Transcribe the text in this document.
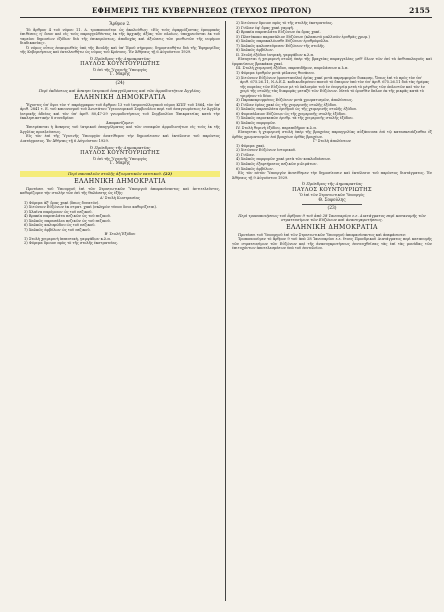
ΕΦΗΜΕΡΙΣ ΤΗΣ ΚΥΒΕΡΝΗΣΕΩΣ (ΤΕΥΧΟΣ ΠΡΩΤΟΝ)	2155
Ἄρθρον 2.
Τὸ ἄρθρον 4 τοῦ νόμου 11. Δ. τροποποιεῖται ὡς ἀκολούθως: «Εἰς τοὺς ἐφαρμόζοντας ἐμπορικὰς ἐπιθέσεις η' ὅσον καὶ εἰς τοὺς παραγγελθέντας ἐκ τῆς ἀρχικῆς ἀξίας τῶν πλοίων, ὑποχρεοῦνται ἐκ τοῦ ταμείου δημοσίων ἐξόδων διὰ τῆς ἐπικυρώσεως, ἀποδοχὰς καὶ ἀξιώσεις τῶν μισθωτῶν τῆς νομίμου διαδικασίας».
Ὁ νόμος οὗτος ἐπικυρωθεὶς ὑπὸ τῆς Βουλῆς καὶ ὑπ' Ἐμοῦ σήμερον, δημοσιευθήτω διὰ τῆς Ἐφημερίδος τῆς Κυβερνήσεως καὶ ἐκτελεσθήτω ὡς νόμος τοῦ Κράτους. Ἐν Ἀθήναις τῇ 6 Αὐγούστου 1929.
Ὁ Πρόεδρος τῆς Δημοκρατίας
ΠΑΥΛΟΣ ΚΟΥΝΤΟΥΡΙΩΤΗΣ
Ὁ ἐπὶ τῆς Ὑγιεινῆς Ὑπουργὸς
Γ. Μαρῆς
(24)
Περὶ ἐκδόσεως καὶ ἄσκησι ἰατρικοῦ ἐπαγγέλματος καὶ τῶν ἀρμοδιοτήτων Ἀγγλίας.
ΕΛΛΗΝΙΚΗ ΔΗΜΟΚΡΑΤΙΑ
Ἔχοντες ὑπ' ὄψει τὸν τ' παράγραφον τοῦ ἄρθρου 13 τοῦ ἰατροσυλλογικοῦ νόμου ΚΠΠ' τοῦ 1864, τὸν ὑπ' ἀριθ. 2841 τ. Ε. τοῦ κανονισμοῦ τοῦ Ἀνωτάτου Ὑγειονομικοῦ Συμβουλίου περὶ τοῦ ἀναγνωρίσεως ἐν Ἀγγλίᾳ ἰατρικῆς ἀδείας καὶ τὸν ὑπ' ἀριθ. 80,47-29 γνωμοδοτήσεως τοῦ Συμβουλίου Ἐπικρατείας κατὰ τὴν ἐκκλησιαστικὴν 8 συνεδρίαν:
Ἀποφασίζομεν:
Ἐπιτρέπεται ἡ ἄσκησις τοῦ ἰατρικοῦ ἐπαγγέλματος καὶ τῶν συναφῶν ἀρμοδιοτήτων εἰς τοὺς ἐκ τῆς Ἀγγλίας προελεύσεως.
Εἰς τὸν ἐπὶ τῆς Ὑγιεινῆς Ὑπουργὸν ἀνατίθεμεν τὴν δημοσίευσιν καὶ ἐκτέλεσιν τοῦ παρόντος Διατάγματος. Ἐν Ἀθήναις τῇ 6 Αὐγούστου 1929.
Ὁ Πρόεδρος τῆς Δημοκρατίας
ΠΑΥΛΟΣ ΚΟΥΝΤΟΥΡΙΩΤΗΣ
Ὁ ἐπὶ τῆς Ὑγιεινῆς Ὑπουργὸς
Γ. Μαρῆς
Περὶ πανοπλιῶν στολῆς ἀξιωματικῶν ναυτικοῦ. (22)
ΕΛΛΗΝΙΚΗ ΔΗΜΟΚΡΑΤΙΑ
Προτάσει τοῦ Ὑπουργοῦ ἐπὶ τῶν Στρατιωτικῶν Ὑπουργοῦ ἀποφασίσαντος καὶ ἀντιτελεῦντες, καθορίζομεν τὴν στολὴν τῶν ἐπὶ τῆς θαλάσσης ὡς ἑξῆς:
Α' Στολὴ Κωστρασίας
1) Φόρεμα ἀξ' ὅρας χακὶ (ὅπως δυνατόν).
2) Χιτώνιον Εὐζώνων ἐκ στρατ. χακὶ (σκληρὸν τύπου ὅσοι καθορίζεται).
3) Χλαῖνα παρόμοιον ὡς τοῦ πεζικοῦ.
4) Βρακία παρεπιλάτα πεζικῶν ὡς τοῦ πεζικοῦ.
5) Χαλκῶς παρασάλια πεζικῶν ὡς τοῦ πεζικοῦ.
6) Χαλκῶς καλυφώδου ὡς τοῦ πεζικοῦ.
7) Χαλκῶς ἀρβύλων ὡς τοῦ πεζικοῦ.
Β' Στολὴ Ἐξόδου
1) Στολὴ χειμερινὴ ἱππευτικὴ, γαμψάδων κ.λ.π.
2) Φόρεμα ὅμοιον πρὸς τὸ τῆς στολῆς ἐκστρατείας.
2) Χιτώνιον ὅμοιον πρὸς τὸ τῆς στολῆς ἐκστρατείας.
3) Γυῖλαν ἐφ' ὅρας χακὶ γαμψῆ.
4) Βρακία παρεπιλάτα Εὐζώνων ἐκ ὅρας χακί.
5) Πλατύκοκο παρασάλιον Εὐζώνων (κλαπωτὸ μαλλινὸν ἐρυθρὰς χρωμ.)
6) Χαλκῶς παρακαλόωσθε Εὐζώνων ἐρυθρόφυλλα.
7) Χαλκῶς καλοπτεῦρεσεν Εὐζώνων τῆς στολῆς.
8) Χαλκῶς ἀρβύλων.
ΙΙ. Στολὴ ἐξόδου ἱατρικὴ, γαμψάδων κ.λ.π.
Εἰσαγεται ἡ χειμερινὴ στολὴ ὑπὲρ τῆς βραχείας παραγγελίας μεθ' ὅλων τῶν ἐπί τὰ ἀνθυπολαγοὺς καὶ ἐμφανίσεως βρακάκια χακί.
ΙΙΙ. Στολὴ χειμερινὴ ἐξόδου, παρεπιδῆμον, παρελάσεων κ.λ.π.
1) Φόρεμα ἐρυθρὸν μετὰ μέλανος θυσάνου.
2) Χιτώνιον Εὐζώνων (φουστανέλα) ἐρίας χακί μετὰ παρεμφερῶν διακοσμ. Ὅπως ἐπὶ τὸ πρὸς τὸν ὑπ' ἀριθ. 675.26.11, Ν.Δ.Ε.Σ. κοδικωδεμένου ποσοῦ τὸ ὅπειρον ὑπὸ τὸν ὑπ' ἀριθ. 675.26.11 διὰ τὰς ἡμέρας τῆς πορείας τῶν Εὐζώνων μὲ τὸ ὁπλισμὸν τοῦ ἐν ἐνεργείᾳ μετὰ τὸ μέγεθος τῶν ὀπλιστῶν καὶ τὸν ἐν χειρὶ τῆς στολῆς τὰς διαφορὰς μεταξὺ τῶν Εὐζώνων. Μετὰ τὸ ὁρισθὲν ὅπλον ἐκ τῆς μικρᾶς κατὰ τὸ τριμήνον τὸ δέον.
3) Παρακεκρυμμένος Εὐζώνων μετὰ χρωματισμῶν, ἀπολύσεως.
4) Γυῖλαν ἐρίας χακὶ ὡς τῆς χειμερινῆς στολῆς ἐξόδου.
5) Χαλκῶς παρεπιλάτα ἐρυθροῦ ὡς τῆς χειμερινῆς στολῆς ἐξόδου.
6) Φορεσάλαιον Εὐζώνων ὡς τῆς χειμερινῆς στολῆς ἐξόδου.
7) Χαλκῶς περισκεπών ἐρυθρ. τὰ τῆς χειμερινῆς στολῆς ἐξόδου.
8) Χαλκῶς πορφυρῶν.
IV. Στολὴ θερινὴ ἐξόδου, παρεπιδῆμον κ.λ.π.
Εἰσαγεται ἡ χειμερινὴ στολὴ ὑπὲρ τῆς βραχείας παραγγελίας αὐξάνουσα ἐπὶ τῷ κατασκευάζεσθαι ἐξ ὀρθάς χρωματισμῶν ἐπὶ βραχέων ὀρθάς βραχέων.
Γ' Στολὴ ἀπολύσεων
1) Φόρεμα χακὶ.
2) Χιτώνιον Εὐζώνων ἱστορικοῦ.
3) Γυῖλαν.
4) Χαλκῶς πορφυρῶν χακὶ μετὰ τῶν κυκλοδιάσεων.
5) Χαλκῶς ἐξαρτήματος πεζικῶν μιλιμάτων.
6) Χαλκῶς ἀρβύλων.
Εἰς τὸν αὐτὸν Ὑπουργὸν ἀνατίθεμεν τὴν δημοσίευσιν καὶ ἐκτέλεσιν τοῦ παρόντος διατάγματος. Ἐν Ἀθήναις τῇ 9 Αὐγούστου 1929.
Ὁ Πρόεδρος τῆς Δημοκρατίας
ΠΑΥΛΟΣ ΚΟΥΝΤΟΥΡΙΩΤΗΣ
Ὁ ἐπὶ τῶν Στρατιωτικῶν Ὑπουργὸς
Θ. Σοφούλης
(23)
Περὶ τροποποιήσεως τοῦ ἄρθρου 9 τοῦ ἀπὸ 28 Ἰανουαρίου ε.ε. Διατάγματος περὶ κατανομῆς τῶν στρατευσίμων τῶν Εὐζώνων καὶ ἀνασυγκροτήσεως.
ΕΛΛΗΝΙΚΗ ΔΗΜΟΚΡΑΤΙΑ
Προτάσει τοῦ Ὑπουργοῦ ἐπὶ τῶν Στρατιωτικῶν Ὑπουργοῦ ἀποφασίσαντος καὶ ἀπεφάσισεν:
Τροποποιοῦμεν τὸ ἄρθρον 9 τοῦ ἀπὸ 28 Ἰανουαρίου ε.ε. ἔτους Προεδρικοῦ Διατάγματος περὶ κατανομῆς τῶν στρατευσίμων τῶν Εὐζώνων καὶ τῆς ἀνασυγκροτήσεως ἐπιτευχθεῖσας τὰς ἐπί τὰς μονάδας τῶν ἐπιτυχόντων ἀποτελεσμάτων ὑπὸ τοῦ ἐπιτελείου.
